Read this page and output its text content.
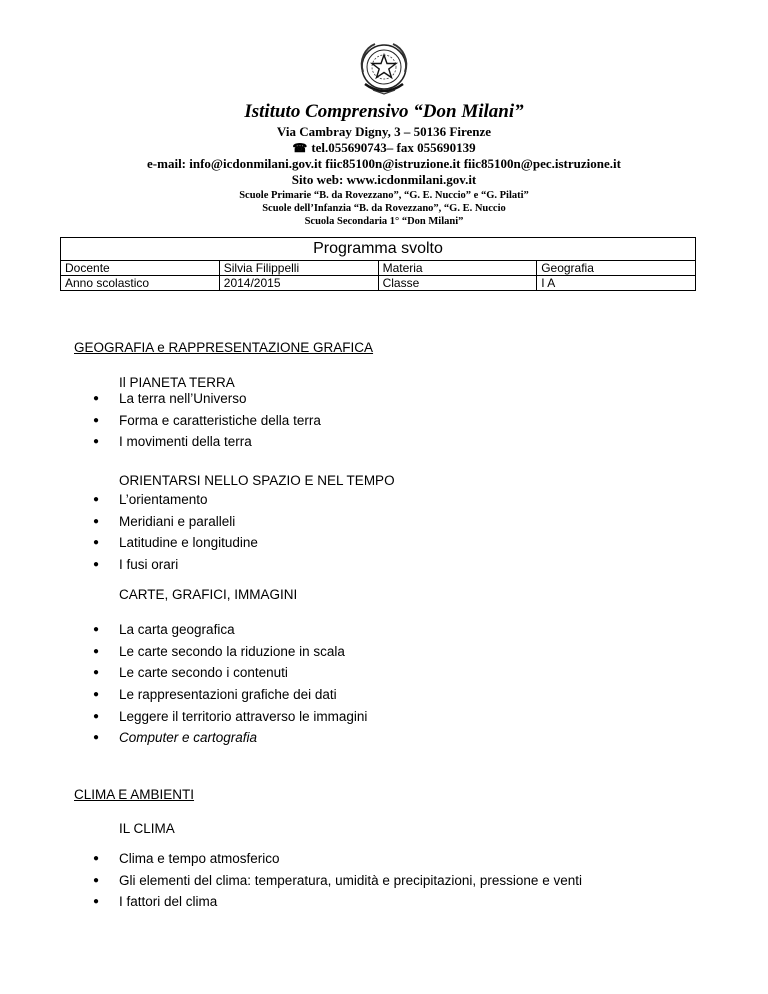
Istituto Comprensivo “Don Milani”
Via Cambray Digny, 3 – 50136 Firenze
☎ tel.055690743– fax 055690139
e-mail: info@icdonmilani.gov.it fiic85100n@istruzione.it fiic85100n@pec.istruzione.it
Sito web: www.icdonmilani.gov.it
Scuole Primarie “B. da Rovezzano”, “G. E. Nuccio” e “G. Pilati”
Scuole dell’Infanzia “B. da Rovezzano”, “G. E. Nuccio
Scuola Secondaria 1° “Don Milani”
Programma svolto			
Docente	Silvia Filippelli	Materia	Geografia
Anno scolastico	2014/2015	Classe	I A
GEOGRAFIA e RAPPRESENTAZIONE GRAFICA
Il PIANETA TERRA
● La terra nell’Universo
● Forma e caratteristiche della terra
● I movimenti della terra
ORIENTARSI NELLO SPAZIO E NEL TEMPO
● L’orientamento
● Meridiani e paralleli
● Latitudine e longitudine
● I fusi orari
CARTE, GRAFICI, IMMAGINI
● La carta geografica
● Le carte secondo la riduzione in scala
● Le carte secondo i contenuti
● Le rappresentazioni grafiche dei dati
● Leggere il territorio attraverso le immagini
● Computer e cartografia
CLIMA E AMBIENTI
IL CLIMA
● Clima e tempo atmosferico
● Gli elementi del clima: temperatura, umidità e precipitazioni, pressione e venti
● I fattori del clima
